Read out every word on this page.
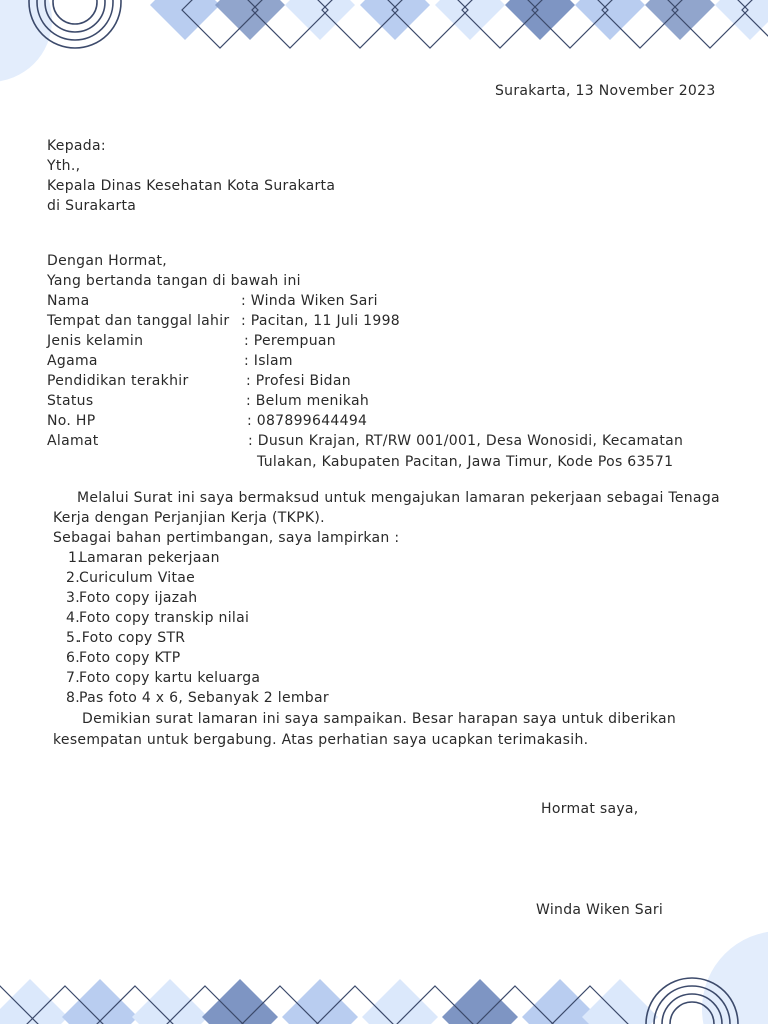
Surakarta, 13 November 2023
Kepada:
Yth.,
Kepala Dinas Kesehatan Kota Surakarta
di Surakarta
Dengan Hormat,
Yang bertanda tangan di bawah ini
Nama	: Winda Wiken Sari
Tempat dan tanggal lahir : Pacitan, 11 Juli 1998
Jenis kelamin	: Perempuan
Agama	: Islam
Pendidikan terakhir	: Profesi Bidan
Status	: Belum menikah
No. HP	: 087899644494
Alamat	: Dusun Krajan, RT/RW 001/001, Desa Wonosidi, Kecamatan
Tulakan, Kabupaten Pacitan, Jawa Timur, Kode Pos 63571
Melalui Surat ini saya bermaksud untuk mengajukan lamaran pekerjaan sebagai Tenaga
Kerja dengan Perjanjian Kerja (TKPK).
Sebagai bahan pertimbangan, saya lampirkan :
1.
Lamaran pekerjaan
2. Curiculum Vitae
3. Foto copy ijazah
4. Foto copy transkip nilai
5.
.Foto copy STR
6. Foto copy KTP
7. Foto copy kartu keluarga
8. Pas foto 4 x 6, Sebanyak 2 lembar
Demikian surat lamaran ini saya sampaikan. Besar harapan saya untuk diberikan
kesempatan untuk bergabung. Atas perhatian saya ucapkan terimakasih.
Hormat saya,
Winda Wiken Sari
